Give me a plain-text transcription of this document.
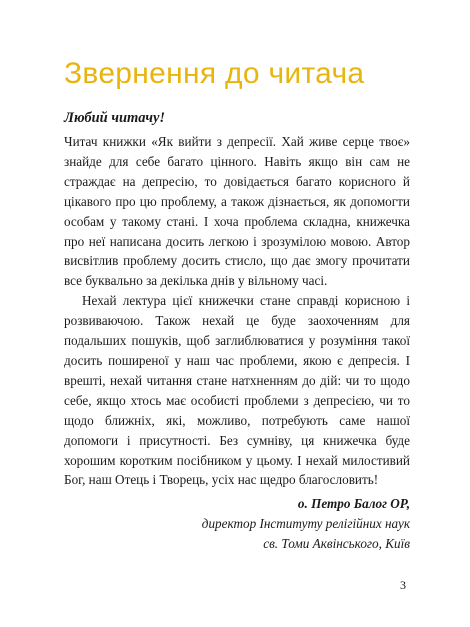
Звернення до читача
Любий читачу!

Читач книжки «Як вийти з депресії. Хай живе серце твоє» знайде для себе багато цінного. Навіть якщо він сам не страждає на депресію, то довідається багато корисного й цікавого про цю проблему, а також дізнається, як допомогти особам у такому стані. І хоча проблема складна, книжечка про неї написана досить легкою і зрозумілою мовою. Автор висвітлив проблему досить стисло, що дає змогу прочитати все буквально за декілька днів у вільному часі.

Нехай лектура цієї книжечки стане справді корисною і розвиваючою. Також нехай це буде заохоченням для подальших пошуків, щоб заглиблюватися у розуміння такої досить поширеної у наш час проблеми, якою є депресія. І врешті, нехай читання стане натхненням до дій: чи то щодо себе, якщо хтось має особисті проблеми з депресією, чи то щодо ближніх, які, можливо, потребують саме нашої допомоги і присутності. Без сумніву, ця книжечка буде хорошим коротким посібником у цьому. І нехай милостивий Бог, наш Отець і Творець, усіх нас щедро благословить!

о. Петро Балог ОР,
директор Інституту релігійних наук
св. Томи Аквінського, Київ
3
